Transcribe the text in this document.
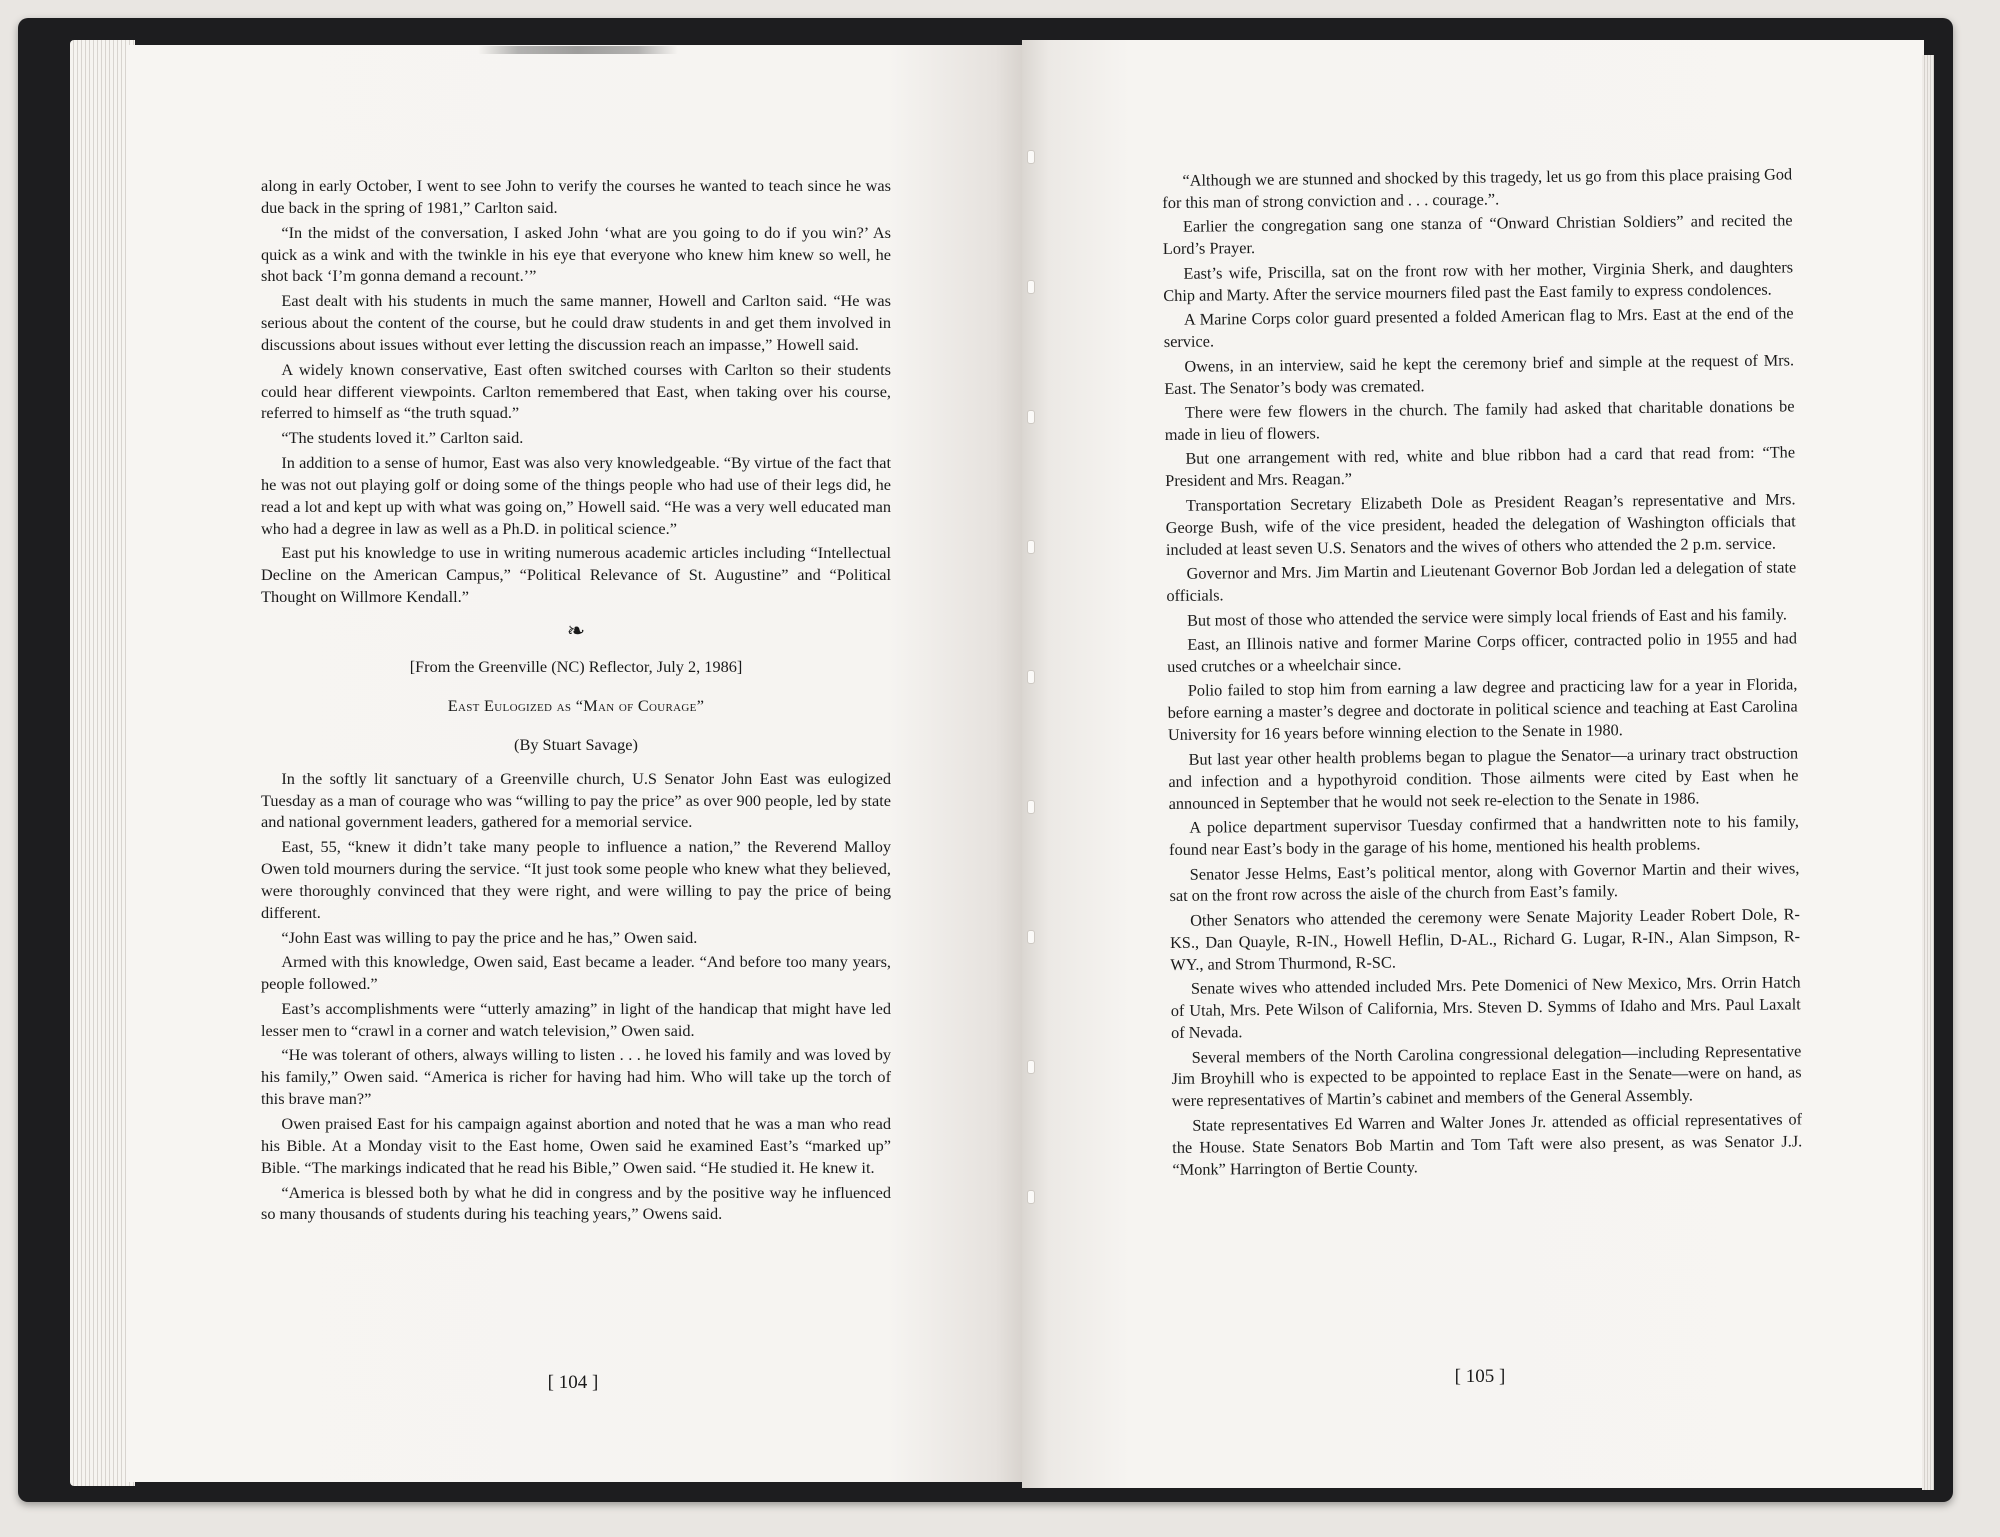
along in early October, I went to see John to verify the courses he wanted to teach since he was due back in the spring of 1981,” Carlton said.

“In the midst of the conversation, I asked John ‘what are you going to do if you win?’ As quick as a wink and with the twinkle in his eye that everyone who knew him knew so well, he shot back ‘I’m gonna demand a recount.’”

East dealt with his students in much the same manner, Howell and Carlton said. “He was serious about the content of the course, but he could draw students in and get them involved in discussions about issues without ever letting the discussion reach an impasse,” Howell said.

A widely known conservative, East often switched courses with Carlton so their students could hear different viewpoints. Carlton remembered that East, when taking over his course, referred to himself as “the truth squad.”

“The students loved it.” Carlton said.

In addition to a sense of humor, East was also very knowledgeable. “By virtue of the fact that he was not out playing golf or doing some of the things people who had use of their legs did, he read a lot and kept up with what was going on,” Howell said. “He was a very well educated man who had a degree in law as well as a Ph.D. in political science.”

East put his knowledge to use in writing numerous academic articles including “Intellectual Decline on the American Campus,” “Political Relevance of St. Augustine” and “Political Thought on Willmore Kendall.”

❧

[From the Greenville (NC) Reflector, July 2, 1986]

East Eulogized as “Man of Courage”

(By Stuart Savage)

In the softly lit sanctuary of a Greenville church, U.S Senator John East was eulogized Tuesday as a man of courage who was “willing to pay the price” as over 900 people, led by state and national government leaders, gathered for a memorial service.

East, 55, “knew it didn’t take many people to influence a nation,” the Reverend Malloy Owen told mourners during the service. “It just took some people who knew what they believed, were thoroughly convinced that they were right, and were willing to pay the price of being different.

“John East was willing to pay the price and he has,” Owen said.

Armed with this knowledge, Owen said, East became a leader. “And before too many years, people followed.”

East’s accomplishments were “utterly amazing” in light of the handicap that might have led lesser men to “crawl in a corner and watch television,” Owen said.

“He was tolerant of others, always willing to listen . . . he loved his family and was loved by his family,” Owen said. “America is richer for having had him. Who will take up the torch of this brave man?”

Owen praised East for his campaign against abortion and noted that he was a man who read his Bible. At a Monday visit to the East home, Owen said he examined East’s “marked up” Bible. “The markings indicated that he read his Bible,” Owen said. “He studied it. He knew it.

“America is blessed both by what he did in congress and by the positive way he influenced so many thousands of students during his teaching years,” Owens said.

[ 104 ]

“Although we are stunned and shocked by this tragedy, let us go from this place praising God for this man of strong conviction and . . . courage.”.

Earlier the congregation sang one stanza of “Onward Christian Soldiers” and recited the Lord’s Prayer.

East’s wife, Priscilla, sat on the front row with her mother, Virginia Sherk, and daughters Chip and Marty. After the service mourners filed past the East family to express condolences.

A Marine Corps color guard presented a folded American flag to Mrs. East at the end of the service.

Owens, in an interview, said he kept the ceremony brief and simple at the request of Mrs. East. The Senator’s body was cremated.

There were few flowers in the church. The family had asked that charitable donations be made in lieu of flowers.

But one arrangement with red, white and blue ribbon had a card that read from: “The President and Mrs. Reagan.”

Transportation Secretary Elizabeth Dole as President Reagan’s representative and Mrs. George Bush, wife of the vice president, headed the delegation of Washington officials that included at least seven U.S. Senators and the wives of others who attended the 2 p.m. service.

Governor and Mrs. Jim Martin and Lieutenant Governor Bob Jordan led a delegation of state officials.

But most of those who attended the service were simply local friends of East and his family.

East, an Illinois native and former Marine Corps officer, contracted polio in 1955 and had used crutches or a wheelchair since.

Polio failed to stop him from earning a law degree and practicing law for a year in Florida, before earning a master’s degree and doctorate in political science and teaching at East Carolina University for 16 years before winning election to the Senate in 1980.

But last year other health problems began to plague the Senator—a urinary tract obstruction and infection and a hypothyroid condition. Those ailments were cited by East when he announced in September that he would not seek re-election to the Senate in 1986.

A police department supervisor Tuesday confirmed that a handwritten note to his family, found near East’s body in the garage of his home, mentioned his health problems.

Senator Jesse Helms, East’s political mentor, along with Governor Martin and their wives, sat on the front row across the aisle of the church from East’s family.

Other Senators who attended the ceremony were Senate Majority Leader Robert Dole, R-KS., Dan Quayle, R-IN., Howell Heflin, D-AL., Richard G. Lugar, R-IN., Alan Simpson, R-WY., and Strom Thurmond, R-SC.

Senate wives who attended included Mrs. Pete Domenici of New Mexico, Mrs. Orrin Hatch of Utah, Mrs. Pete Wilson of California, Mrs. Steven D. Symms of Idaho and Mrs. Paul Laxalt of Nevada.

Several members of the North Carolina congressional delegation—including Representative Jim Broyhill who is expected to be appointed to replace East in the Senate—were on hand, as were representatives of Martin’s cabinet and members of the General Assembly.

State representatives Ed Warren and Walter Jones Jr. attended as official representatives of the House. State Senators Bob Martin and Tom Taft were also present, as was Senator J.J. “Monk” Harrington of Bertie County.

[ 105 ]
